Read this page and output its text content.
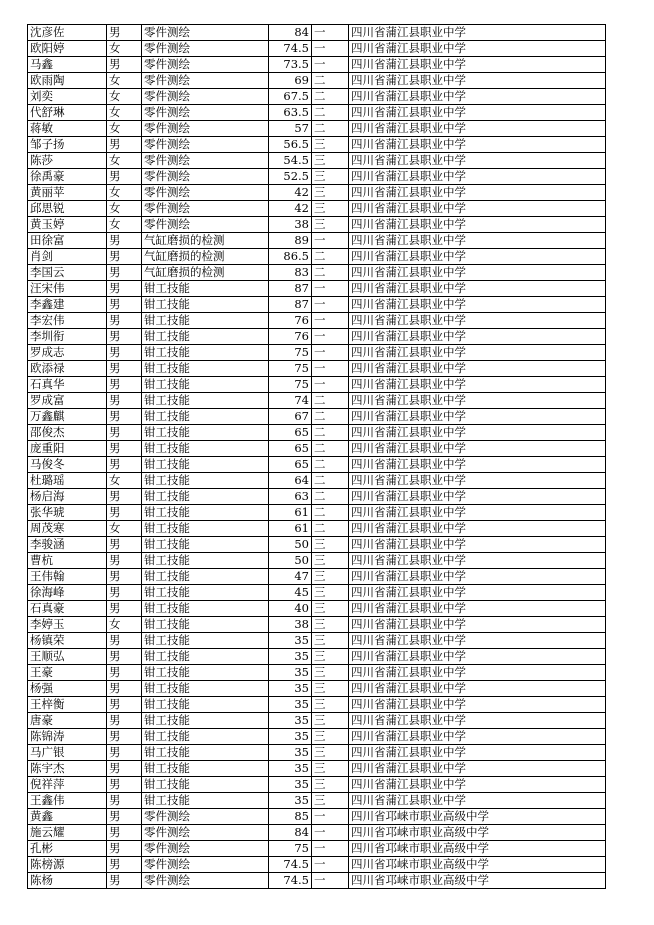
沈彦佐	男	零件测绘	84	一	四川省蒲江县职业中学
欧阳婷	女	零件测绘	74.5	一	四川省蒲江县职业中学
马鑫	男	零件测绘	73.5	一	四川省蒲江县职业中学
欧雨陶	女	零件测绘	69	二	四川省蒲江县职业中学
刘奕	女	零件测绘	67.5	二	四川省蒲江县职业中学
代舒琳	女	零件测绘	63.5	二	四川省蒲江县职业中学
蒋敏	女	零件测绘	57	二	四川省蒲江县职业中学
邹子扬	男	零件测绘	56.5	三	四川省蒲江县职业中学
陈莎	女	零件测绘	54.5	三	四川省蒲江县职业中学
徐禹豪	男	零件测绘	52.5	三	四川省蒲江县职业中学
黄丽苹	女	零件测绘	42	三	四川省蒲江县职业中学
邱思锐	女	零件测绘	42	三	四川省蒲江县职业中学
黄玉婷	女	零件测绘	38	三	四川省蒲江县职业中学
田徐富	男	气缸磨损的检测	89	一	四川省蒲江县职业中学
肖剑	男	气缸磨损的检测	86.5	二	四川省蒲江县职业中学
李国云	男	气缸磨损的检测	83	二	四川省蒲江县职业中学
汪宋伟	男	钳工技能	87	一	四川省蒲江县职业中学
李鑫建	男	钳工技能	87	一	四川省蒲江县职业中学
李宏伟	男	钳工技能	76	一	四川省蒲江县职业中学
李圳衔	男	钳工技能	76	一	四川省蒲江县职业中学
罗成志	男	钳工技能	75	一	四川省蒲江县职业中学
欧添禄	男	钳工技能	75	一	四川省蒲江县职业中学
石真华	男	钳工技能	75	一	四川省蒲江县职业中学
罗成富	男	钳工技能	74	二	四川省蒲江县职业中学
万鑫麒	男	钳工技能	67	二	四川省蒲江县职业中学
邵俊杰	男	钳工技能	65	二	四川省蒲江县职业中学
庞重阳	男	钳工技能	65	二	四川省蒲江县职业中学
马俊冬	男	钳工技能	65	二	四川省蒲江县职业中学
杜璐瑶	女	钳工技能	64	二	四川省蒲江县职业中学
杨启海	男	钳工技能	63	二	四川省蒲江县职业中学
张华琥	男	钳工技能	61	二	四川省蒲江县职业中学
周茂寒	女	钳工技能	61	二	四川省蒲江县职业中学
李骏涵	男	钳工技能	50	三	四川省蒲江县职业中学
曹杭	男	钳工技能	50	三	四川省蒲江县职业中学
王伟翰	男	钳工技能	47	三	四川省蒲江县职业中学
徐海峰	男	钳工技能	45	三	四川省蒲江县职业中学
石真豪	男	钳工技能	40	三	四川省蒲江县职业中学
李婷玉	女	钳工技能	38	三	四川省蒲江县职业中学
杨镇荣	男	钳工技能	35	三	四川省蒲江县职业中学
王顺弘	男	钳工技能	35	三	四川省蒲江县职业中学
王豪	男	钳工技能	35	三	四川省蒲江县职业中学
杨强	男	钳工技能	35	三	四川省蒲江县职业中学
王梓衡	男	钳工技能	35	三	四川省蒲江县职业中学
唐豪	男	钳工技能	35	三	四川省蒲江县职业中学
陈锦涛	男	钳工技能	35	三	四川省蒲江县职业中学
马广银	男	钳工技能	35	三	四川省蒲江县职业中学
陈宇杰	男	钳工技能	35	三	四川省蒲江县职业中学
倪祥萍	男	钳工技能	35	三	四川省蒲江县职业中学
王鑫伟	男	钳工技能	35	三	四川省蒲江县职业中学
黄鑫	男	零件测绘	85	一	四川省邛崃市职业高级中学
施云耀	男	零件测绘	84	一	四川省邛崃市职业高级中学
孔彬	男	零件测绘	75	一	四川省邛崃市职业高级中学
陈榜源	男	零件测绘	74.5	一	四川省邛崃市职业高级中学
陈杨	男	零件测绘	74.5	一	四川省邛崃市职业高级中学
